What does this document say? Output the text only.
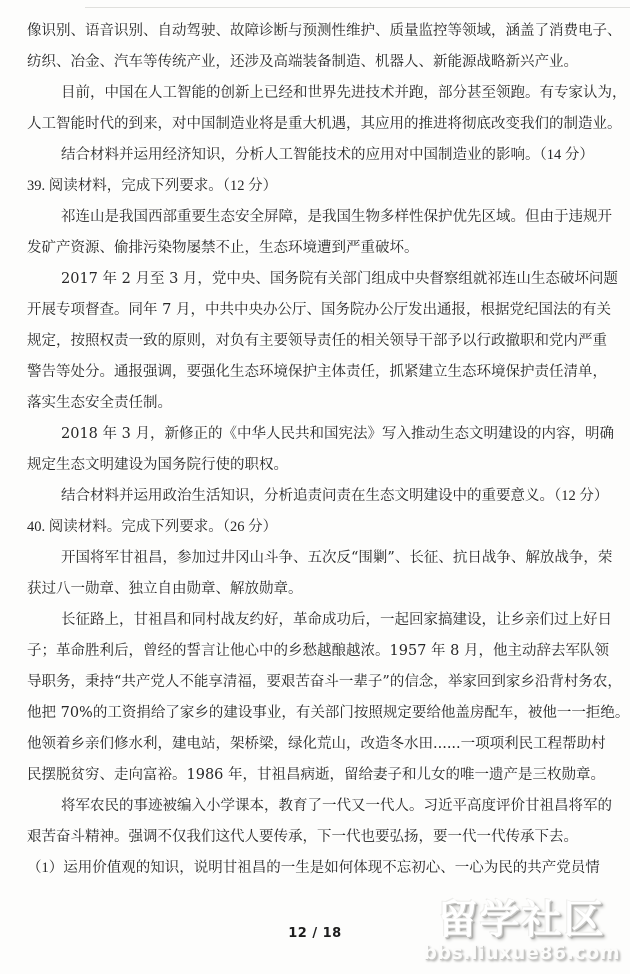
像识别、语音识别、自动驾驶、故障诊断与预测性维护、质量监控等领域，涵盖了消费电子、
纺织、冶金、汽车等传统产业，还涉及高端装备制造、机器人、新能源战略新兴产业。
目前，中国在人工智能的创新上已经和世界先进技术并跑，部分甚至领跑。有专家认为，
人工智能时代的到来，对中国制造业将是重大机遇，其应用的推进将彻底改变我们的制造业。
结合材料并运用经济知识，分析人工智能技术的应用对中国制造业的影响。（14 分）
39. 阅读材料，完成下列要求。（12 分）
祁连山是我国西部重要生态安全屏障，是我国生物多样性保护优先区域。但由于违规开
发矿产资源、偷排污染物屡禁不止，生态环境遭到严重破坏。
2017 年 2 月至 3 月，党中央、国务院有关部门组成中央督察组就祁连山生态破坏问题
开展专项督查。同年 7 月，中共中央办公厅、国务院办公厅发出通报，根据党纪国法的有关
规定，按照权责一致的原则，对负有主要领导责任的相关领导干部予以行政撤职和党内严重
警告等处分。通报强调，要强化生态环境保护主体责任，抓紧建立生态环境保护责任清单，
落实生态安全责任制。
2018 年 3 月，新修正的《中华人民共和国宪法》写入推动生态文明建设的内容，明确
规定生态文明建设为国务院行使的职权。
结合材料并运用政治生活知识，分析追责问责在生态文明建设中的重要意义。（12 分）
40. 阅读材料。完成下列要求。（26 分）
开国将军甘祖昌，参加过井冈山斗争、五次反“围剿”、长征、抗日战争、解放战争，荣
获过八一勋章、独立自由勋章、解放勋章。
长征路上，甘祖昌和同村战友约好，革命成功后，一起回家搞建设，让乡亲们过上好日
子；革命胜利后，曾经的誓言让他心中的乡愁越酿越浓。1957 年 8 月，他主动辞去军队领
导职务，秉持“共产党人不能享清福，要艰苦奋斗一辈子”的信念，举家回到家乡沿背村务农，
他把 70%的工资捐给了家乡的建设事业，有关部门按照规定要给他盖房配车，被他一一拒绝。
他领着乡亲们修水利，建电站，架桥梁，绿化荒山，改造冬水田......一项项利民工程帮助村
民摆脱贫穷、走向富裕。1986 年，甘祖昌病逝，留给妻子和儿女的唯一遗产是三枚勋章。
将军农民的事迹被编入小学课本，教育了一代又一代人。习近平高度评价甘祖昌将军的
艰苦奋斗精神。强调不仅我们这代人要传承，下一代也要弘扬，要一代一代传承下去。
（1）运用价值观的知识，说明甘祖昌的一生是如何体现不忘初心、一心为民的共产党员情
12 / 18	留学社区
bbs.liuxue86.com
